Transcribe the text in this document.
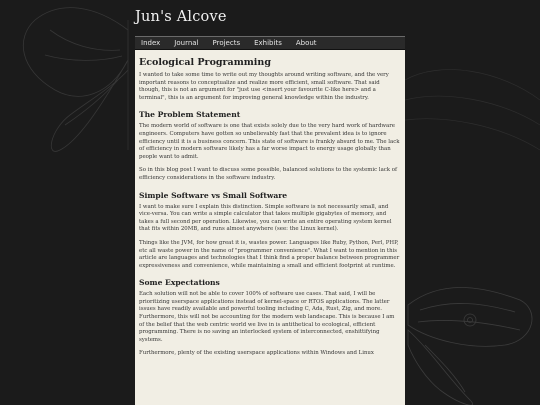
Jun's Alcove
Index Journal Projects Exhibits About
Ecological Programming

I wanted to take some time to write out my thoughts around writing software, and the very important reasons to conceptualize and realize more efficient, small software. That said though, this is not an argument for "just use <insert your favourite C-like here> and a terminal", this is an argument for improving general knowledge within the industry.

The Problem Statement

The modern world of software is one that exists solely due to the very hard work of hardware engineers. Computers have gotten so unbelievably fast that the prevalent idea is to ignore efficiency until it is a business concern. This state of software is frankly absurd to me. The lack of efficiency in modern software likely has a far worse impact to energy usage globally than people want to admit.

So in this blog post I want to discuss some possible, balanced solutions to the systemic lack of efficiency considerations in the software industry.

Simple Software vs Small Software

I want to make sure I explain this distinction. Simple software is not necessarily small, and vice-versa. You can write a simple calculator that takes multiple gigabytes of memory, and takes a full second per operation. Likewise, you can write an entire operating system kernel that fits within 20MB, and runs almost anywhere (see: the Linux kernel).

Things like the JVM, for how great it is, wastes power. Languages like Ruby, Python, Perl, PHP, etc all waste power in the name of "programmer convenience". What I want to mention in this article are languages and technologies that I think find a proper balance between programmer expressiveness and convenience, while maintaining a small and efficient footprint at runtime.

Some Expectations

Each solution will not be able to cover 100% of software use cases. That said, I will be prioritizing userspace applications instead of kernel-space or RTOS applications. The latter issues have readily available and powerful tooling including C, Ada, Rust, Zig, and more. Furthermore, this will not be accounting for the modern web landscape. This is because I am of the belief that the web centric world we live in is antithetical to ecological, efficient programming. There is no saving an interlocked system of interconnected, enshittifying systems.

Furthermore, plenty of the existing userspace applications within Windows and Linux
